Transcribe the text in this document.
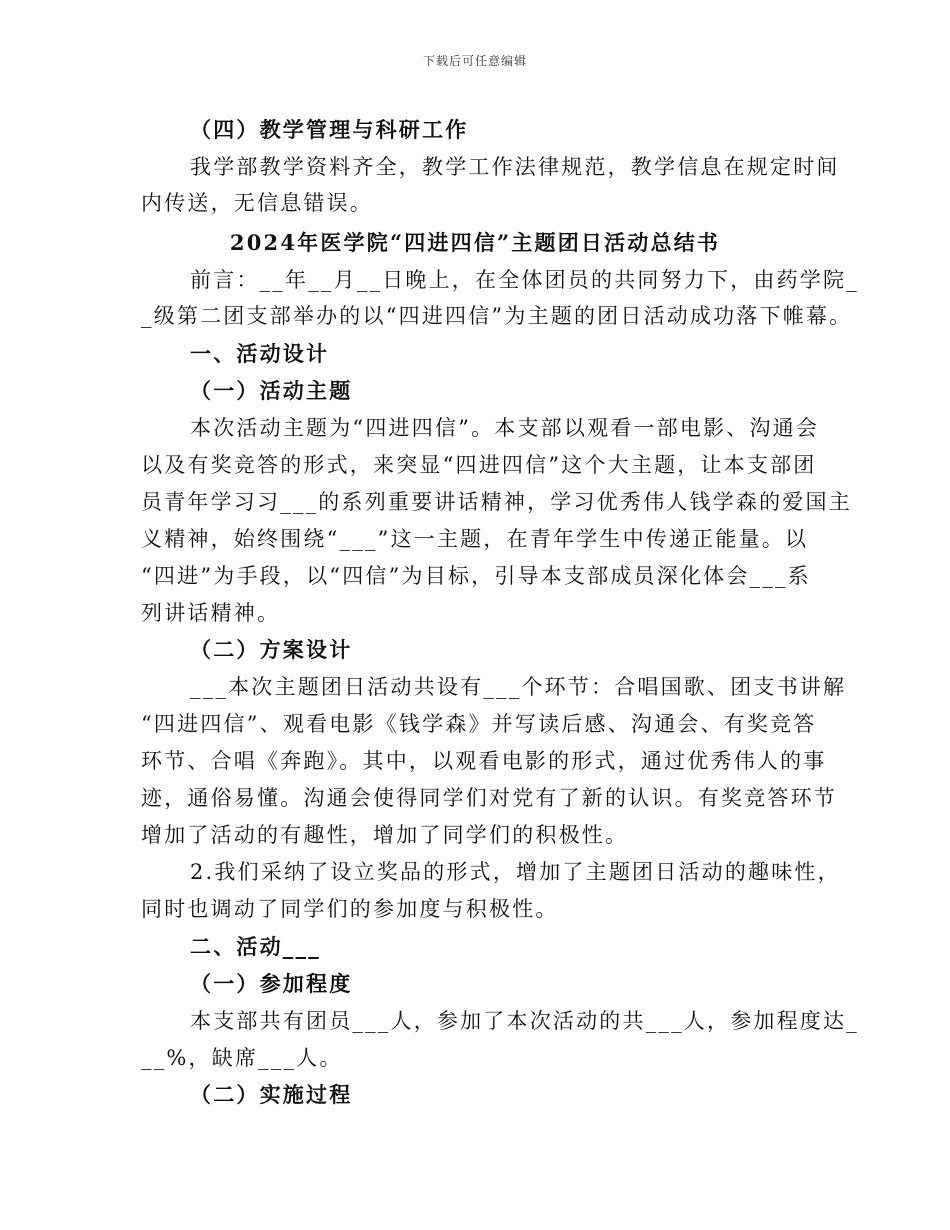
下载后可任意编辑
（四）教学管理与科研工作
我学部教学资料齐全，教学工作法律规范，教学信息在规定时间
内传送，无信息错误。
2024年医学院“四进四信”主题团日活动总结书
前言：__年__月__日晚上，在全体团员的共同努力下，由药学院_
_级第二团支部举办的以“四进四信”为主题的团日活动成功落下帷幕。
一、活动设计
（一）活动主题
本次活动主题为“四进四信”。本支部以观看一部电影、沟通会
以及有奖竞答的形式，来突显“四进四信”这个大主题，让本支部团
员青年学习习___的系列重要讲话精神，学习优秀伟人钱学森的爱国主
义精神，始终围绕“___”这一主题，在青年学生中传递正能量。以
“四进”为手段，以“四信”为目标，引导本支部成员深化体会___系
列讲话精神。
（二）方案设计
___本次主题团日活动共设有___个环节：合唱国歌、团支书讲解
“四进四信”、观看电影《钱学森》并写读后感、沟通会、有奖竞答
环节、合唱《奔跑》。其中，以观看电影的形式，通过优秀伟人的事
迹，通俗易懂。沟通会使得同学们对党有了新的认识。有奖竞答环节
增加了活动的有趣性，增加了同学们的积极性。
2.我们采纳了设立奖品的形式，增加了主题团日活动的趣味性，
同时也调动了同学们的参加度与积极性。
二、活动___
（一）参加程度
本支部共有团员___人，参加了本次活动的共___人，参加程度达_
__%，缺席___人。
（二）实施过程
